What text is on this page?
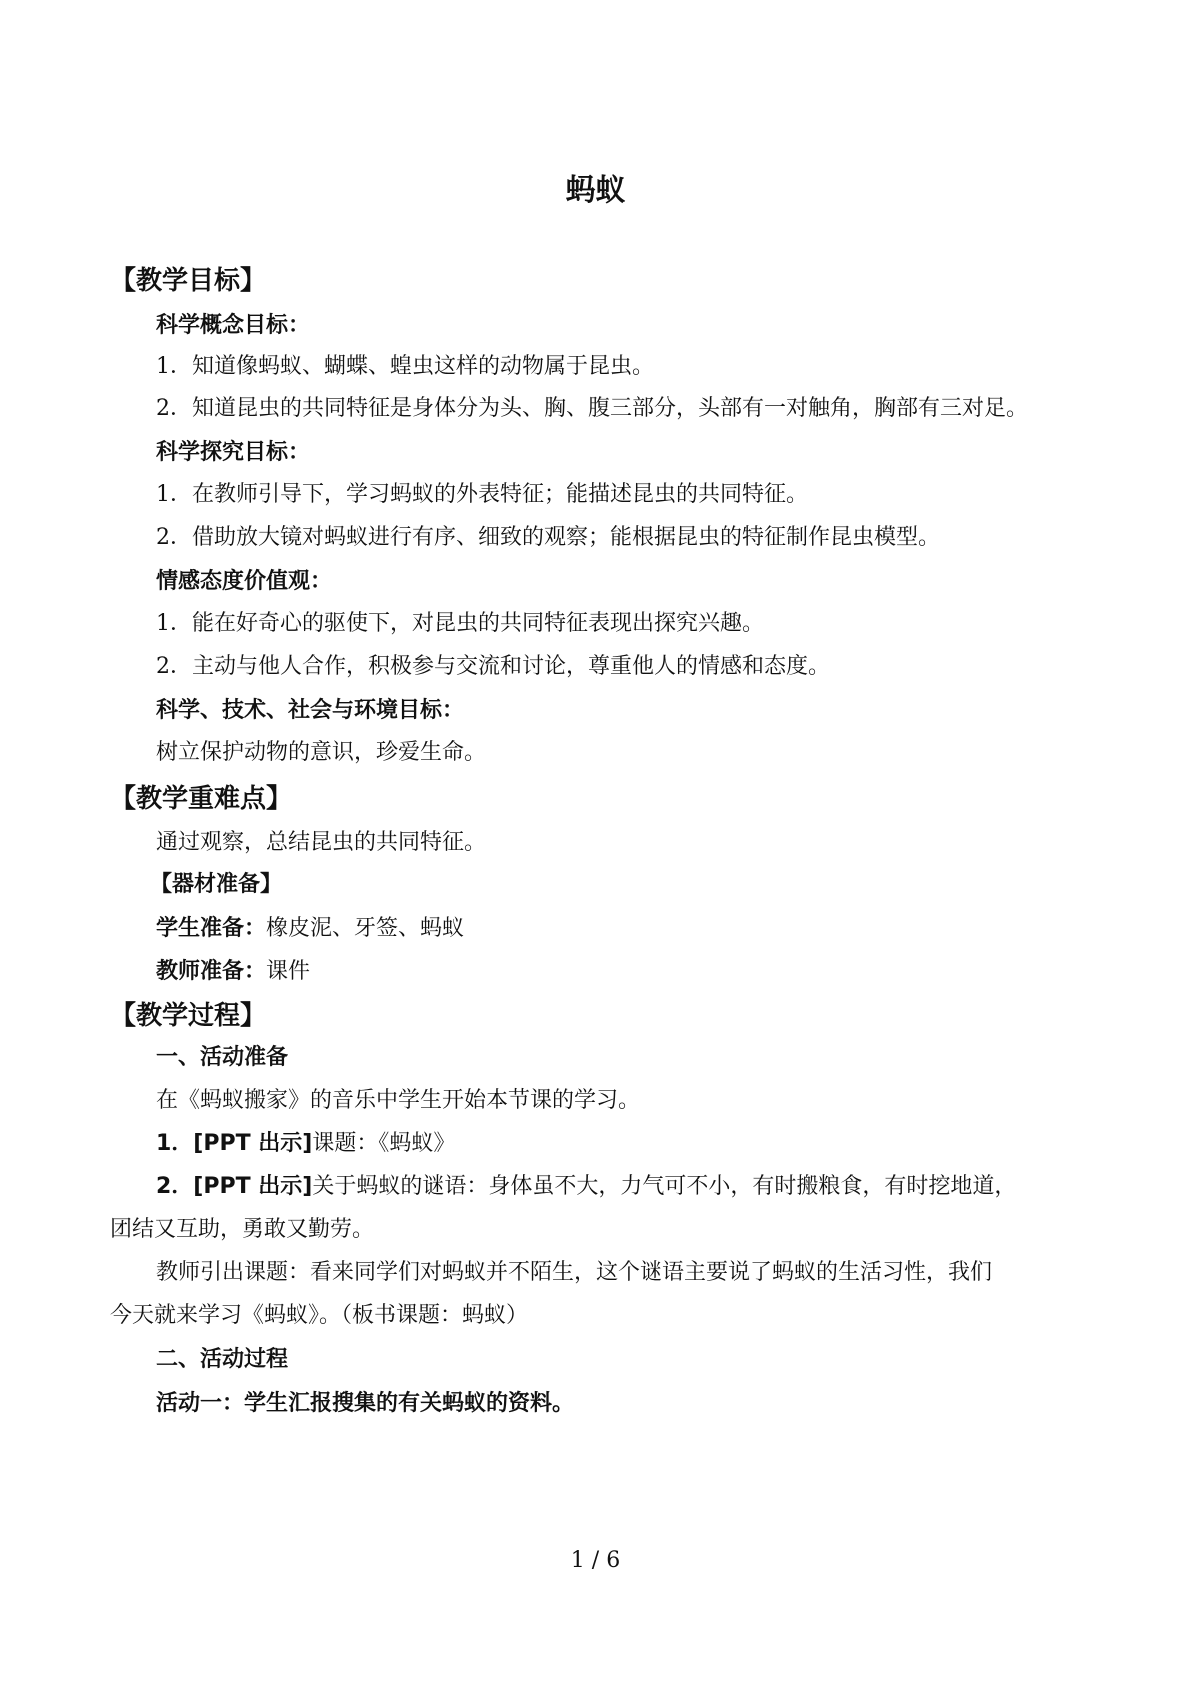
蚂蚁
【教学目标】
科学概念目标：
1．知道像蚂蚁、蝴蝶、蝗虫这样的动物属于昆虫。
2．知道昆虫的共同特征是身体分为头、胸、腹三部分，头部有一对触角，胸部有三对足。
科学探究目标：
1．在教师引导下，学习蚂蚁的外表特征；能描述昆虫的共同特征。
2．借助放大镜对蚂蚁进行有序、细致的观察；能根据昆虫的特征制作昆虫模型。
情感态度价值观：
1．能在好奇心的驱使下，对昆虫的共同特征表现出探究兴趣。
2．主动与他人合作，积极参与交流和讨论，尊重他人的情感和态度。
科学、技术、社会与环境目标：
树立保护动物的意识，珍爱生命。
【教学重难点】
通过观察，总结昆虫的共同特征。
【器材准备】
学生准备：橡皮泥、牙签、蚂蚁
教师准备：课件
【教学过程】
一、活动准备
在《蚂蚁搬家》的音乐中学生开始本节课的学习。
1．[PPT 出示]课题：《蚂蚁》
2．[PPT 出示]关于蚂蚁的谜语：身体虽不大，力气可不小，有时搬粮食，有时挖地道，
团结又互助，勇敢又勤劳。
教师引出课题：看来同学们对蚂蚁并不陌生，这个谜语主要说了蚂蚁的生活习性，我们
今天就来学习《蚂蚁》。（板书课题：蚂蚁）
二、活动过程
活动一：学生汇报搜集的有关蚂蚁的资料。
1 / 6
